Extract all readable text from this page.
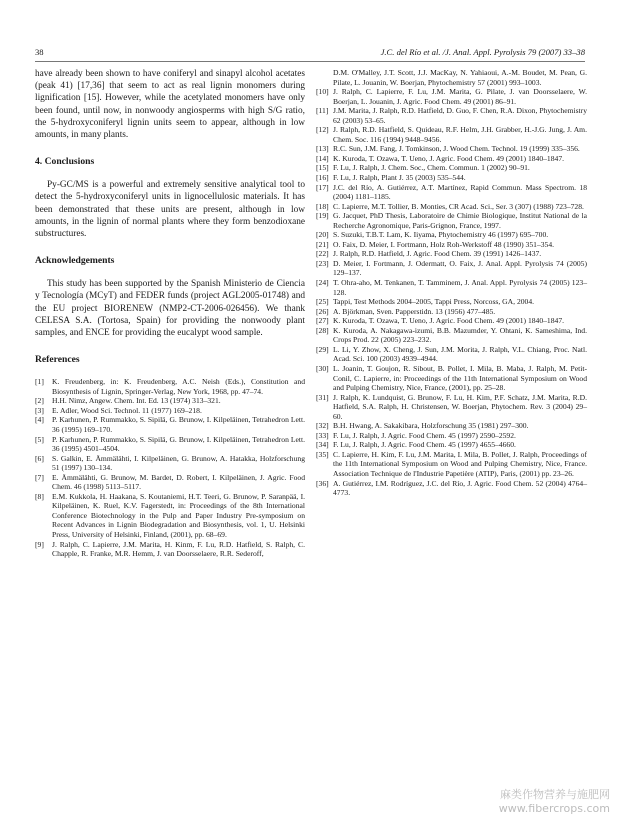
38	J.C. del Río et al. /J. Anal. Appl. Pyrolysis 79 (2007) 33–38

have already been shown to have coniferyl and sinapyl alcohol acetates (peak 41) [17,36] that seem to act as real lignin monomers during lignification [15]. However, while the acetylated monomers have only been found, until now, in nonwoody angiosperms with high S/G ratio, the 5-hydroxyconiferyl lignin units seem to appear, although in low amounts, in many plants.

4. Conclusions

Py-GC/MS is a powerful and extremely sensitive analytical tool to detect the 5-hydroxyconiferyl units in lignocellulosic materials. It has been demonstrated that these units are present, although in low amounts, in the lignin of normal plants where they form benzodioxane substructures.

Acknowledgements

This study has been supported by the Spanish Ministerio de Ciencia y Tecnología (MCyT) and FEDER funds (project AGL2005-01748) and the EU project BIORENEW (NMP2-CT-2006-026456). We thank CELESA S.A. (Tortosa, Spain) for providing the nonwoody plant samples, and ENCE for providing the eucalypt wood sample.

References
[1]	K. Freudenberg, in: K. Freudenberg, A.C. Neish (Eds.), Constitution and Biosynthesis of Lignin, Springer-Verlag, New York, 1968, pp. 47–74.
[2]	H.H. Nimz, Angew. Chem. Int. Ed. 13 (1974) 313–321.
[3]	E. Adler, Wood Sci. Technol. 11 (1977) 169–218.
[4]	P. Karhunen, P. Rummakko, S. Sipilä, G. Brunow, I. Kilpeläinen, Tetrahedron Lett. 36 (1995) 169–170.
[5]	P. Karhunen, P. Rummakko, S. Sipilä, G. Brunow, I. Kilpeläinen, Tetrahedron Lett. 36 (1995) 4501–4504.
[6]	S. Galkin, E. Ämmälähti, I. Kilpeläinen, G. Brunow, A. Hatakka, Holzforschung 51 (1997) 130–134.
[7]	E. Ämmälähti, G. Brunow, M. Bardet, D. Robert, I. Kilpeläinen, J. Agric. Food Chem. 46 (1998) 5113–5117.
[8]	E.M. Kukkola, H. Haakana, S. Koutaniemi, H.T. Teeri, G. Brunow, P. Saranpää, I. Kilpeläinen, K. Ruel, K.V. Fagerstedt, in: Proceedings of the 8th International Conference Biotechnology in the Pulp and Paper Industry Pre-symposium on Recent Advances in Lignin Biodegradation and Biosynthesis, vol. 1, U. Helsinki Press, University of Helsinki, Finland, (2001), pp. 68–69.
[9]	J. Ralph, C. Lapierre, J.M. Marita, H. Kinm, F. Lu, R.D. Hatfield, S. Ralph, C. Chapple, R. Franke, M.R. Hemm, J. van Doorsselaere, R.R. Sederoff,
D.M. O'Malley, J.T. Scott, J.J. MacKay, N. Yahiaoui, A.-M. Boudet, M. Pean, G. Pilate, L. Jouanin, W. Boerjan, Phytochemistry 57 (2001) 993–1003.
[10] J. Ralph, C. Lapierre, F. Lu, J.M. Marita, G. Pilate, J. van Doorsselaere, W. Boerjan, L. Jouanin, J. Agric. Food Chem. 49 (2001) 86–91.
[11] J.M. Marita, J. Ralph, R.D. Hatfield, D. Guo, F. Chen, R.A. Dixon, Phytochemistry 62 (2003) 53–65.
[12] J. Ralph, R.D. Hatfield, S. Quideau, R.F. Helm, J.H. Grabber, H.-J.G. Jung, J. Am. Chem. Soc. 116 (1994) 9448–9456.
[13] R.C. Sun, J.M. Fang, J. Tomkinson, J. Wood Chem. Technol. 19 (1999) 335–356.
[14] K. Kuroda, T. Ozawa, T. Ueno, J. Agric. Food Chem. 49 (2001) 1840–1847.
[15] F. Lu, J. Ralph, J. Chem. Soc., Chem. Commun. 1 (2002) 90–91.
[16] F. Lu, J. Ralph, Plant J. 35 (2003) 535–544.
[17] J.C. del Río, A. Gutiérrez, A.T. Martínez, Rapid Commun. Mass Spectrom. 18 (2004) 1181–1185.
[18] C. Lapierre, M.T. Tollier, B. Monties, CR Acad. Sci., Ser. 3 (307) (1988) 723–728.
[19] G. Jacquet, PhD Thesis, Laboratoire de Chimie Biologique, Institut National de la Recherche Agronomique, Paris-Grignon, France, 1997.
[20] S. Suzuki, T.B.T. Lam, K. Iiyama, Phytochemistry 46 (1997) 695–700.
[21] O. Faix, D. Meier, I. Fortmann, Holz Roh-Werkstoff 48 (1990) 351–354.
[22] J. Ralph, R.D. Hatfield, J. Agric. Food Chem. 39 (1991) 1426–1437.
[23] D. Meier, I. Fortmann, J. Odermatt, O. Faix, J. Anal. Appl. Pyrolysis 74 (2005) 129–137.
[24] T. Ohra-aho, M. Tenkanen, T. Tamminem, J. Anal. Appl. Pyrolysis 74 (2005) 123–128.
[25] Tappi, Test Methods 2004–2005, Tappi Press, Norcoss, GA, 2004.
[26] A. Björkman, Sven. Papperstidn. 13 (1956) 477–485.
[27] K. Kuroda, T. Ozawa, T. Ueno, J. Agric. Food Chem. 49 (2001) 1840–1847.
[28] K. Kuroda, A. Nakagawa-izumi, B.B. Mazumder, Y. Ohtani, K. Sameshima, Ind. Crops Prod. 22 (2005) 223–232.
[29] L. Li, Y. Zhow, X. Cheng, J. Sun, J.M. Morita, J. Ralph, V.L. Chiang, Proc. Natl. Acad. Sci. 100 (2003) 4939–4944.
[30] L. Joanin, T. Goujon, R. Sibout, B. Pollet, I. Mila, B. Maba, J. Ralph, M. Petit-Conil, C. Lapierre, in: Proceedings of the 11th International Symposium on Wood and Pulping Chemistry, Nice, France, (2001), pp. 25–28.
[31] J. Ralph, K. Lundquist, G. Brunow, F. Lu, H. Kim, P.F. Schatz, J.M. Marita, R.D. Hatfield, S.A. Ralph, H. Christensen, W. Boerjan, Phytochem. Rev. 3 (2004) 29–60.
[32] B.H. Hwang, A. Sakakibara, Holzforschung 35 (1981) 297–300.
[33] F. Lu, J. Ralph, J. Agric. Food Chem. 45 (1997) 2590–2592.
[34] F. Lu, J. Ralph, J. Agric. Food Chem. 45 (1997) 4655–4660.
[35] C. Lapierre, H. Kim, F. Lu, J.M. Marita, I. Mila, B. Pollet, J. Ralph, Proceedings of the 11th International Symposium on Wood and Pulping Chemistry, Nice, France. Association Technique de l'Industrie Papetière (ATIP), Paris, (2001) pp. 23–26.
[36] A. Gutiérrez, I.M. Rodríguez, J.C. del Río, J. Agric. Food Chem. 52 (2004) 4764–4773.
麻类作物营养与施肥网
www.fibercrops.com
